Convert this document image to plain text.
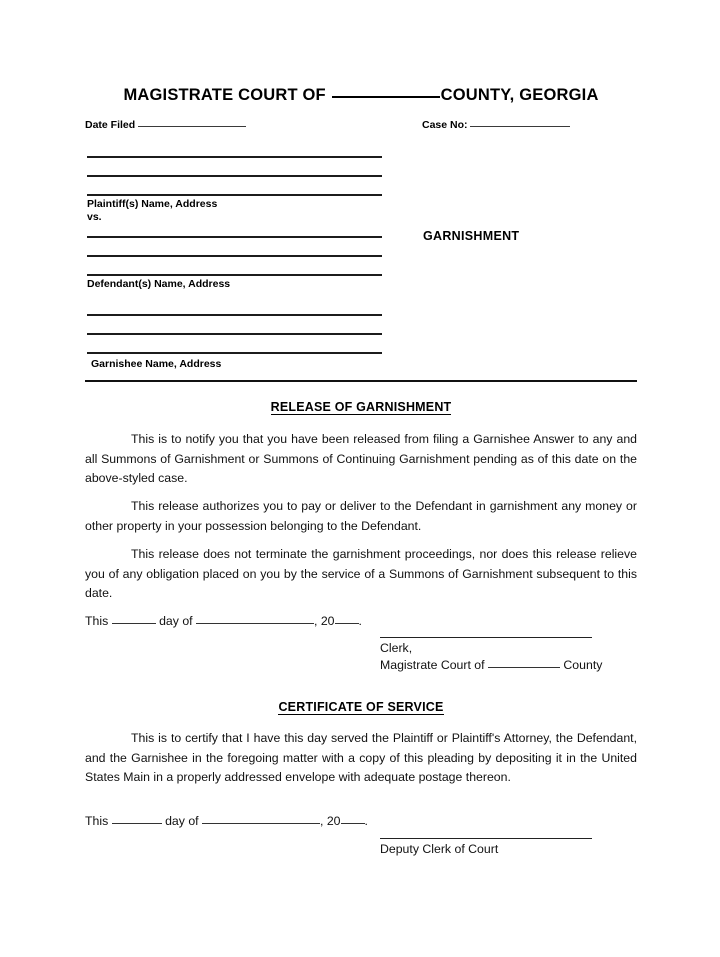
MAGISTRATE COURT OF	COUNTY, GEORGIA
Date Filed	Case No:
Plaintiff(s) Name, Address
vs.
GARNISHMENT
Defendant(s) Name, Address
Garnishee Name, Address
RELEASE OF GARNISHMENT
This is to notify you that you have been released from filing a Garnishee Answer to any and all Summons of Garnishment or Summons of Continuing Garnishment pending as of this date on the above-styled case.
This release authorizes you to pay or deliver to the Defendant in garnishment any money or other property in your possession belonging to the Defendant.
This release does not terminate the garnishment proceedings, nor does this release relieve you of any obligation placed on you by the service of a Summons of Garnishment subsequent to this date.
This	day of	, 20 .
Clerk,
Magistrate Court of	County
CERTIFICATE OF SERVICE
This is to certify that I have this day served the Plaintiff or Plaintiff's Attorney, the Defendant, and the Garnishee in the foregoing matter with a copy of this pleading by depositing it in the United States Main in a properly addressed envelope with adequate postage thereon.
This	day of	, 20 .
Deputy Clerk of Court
